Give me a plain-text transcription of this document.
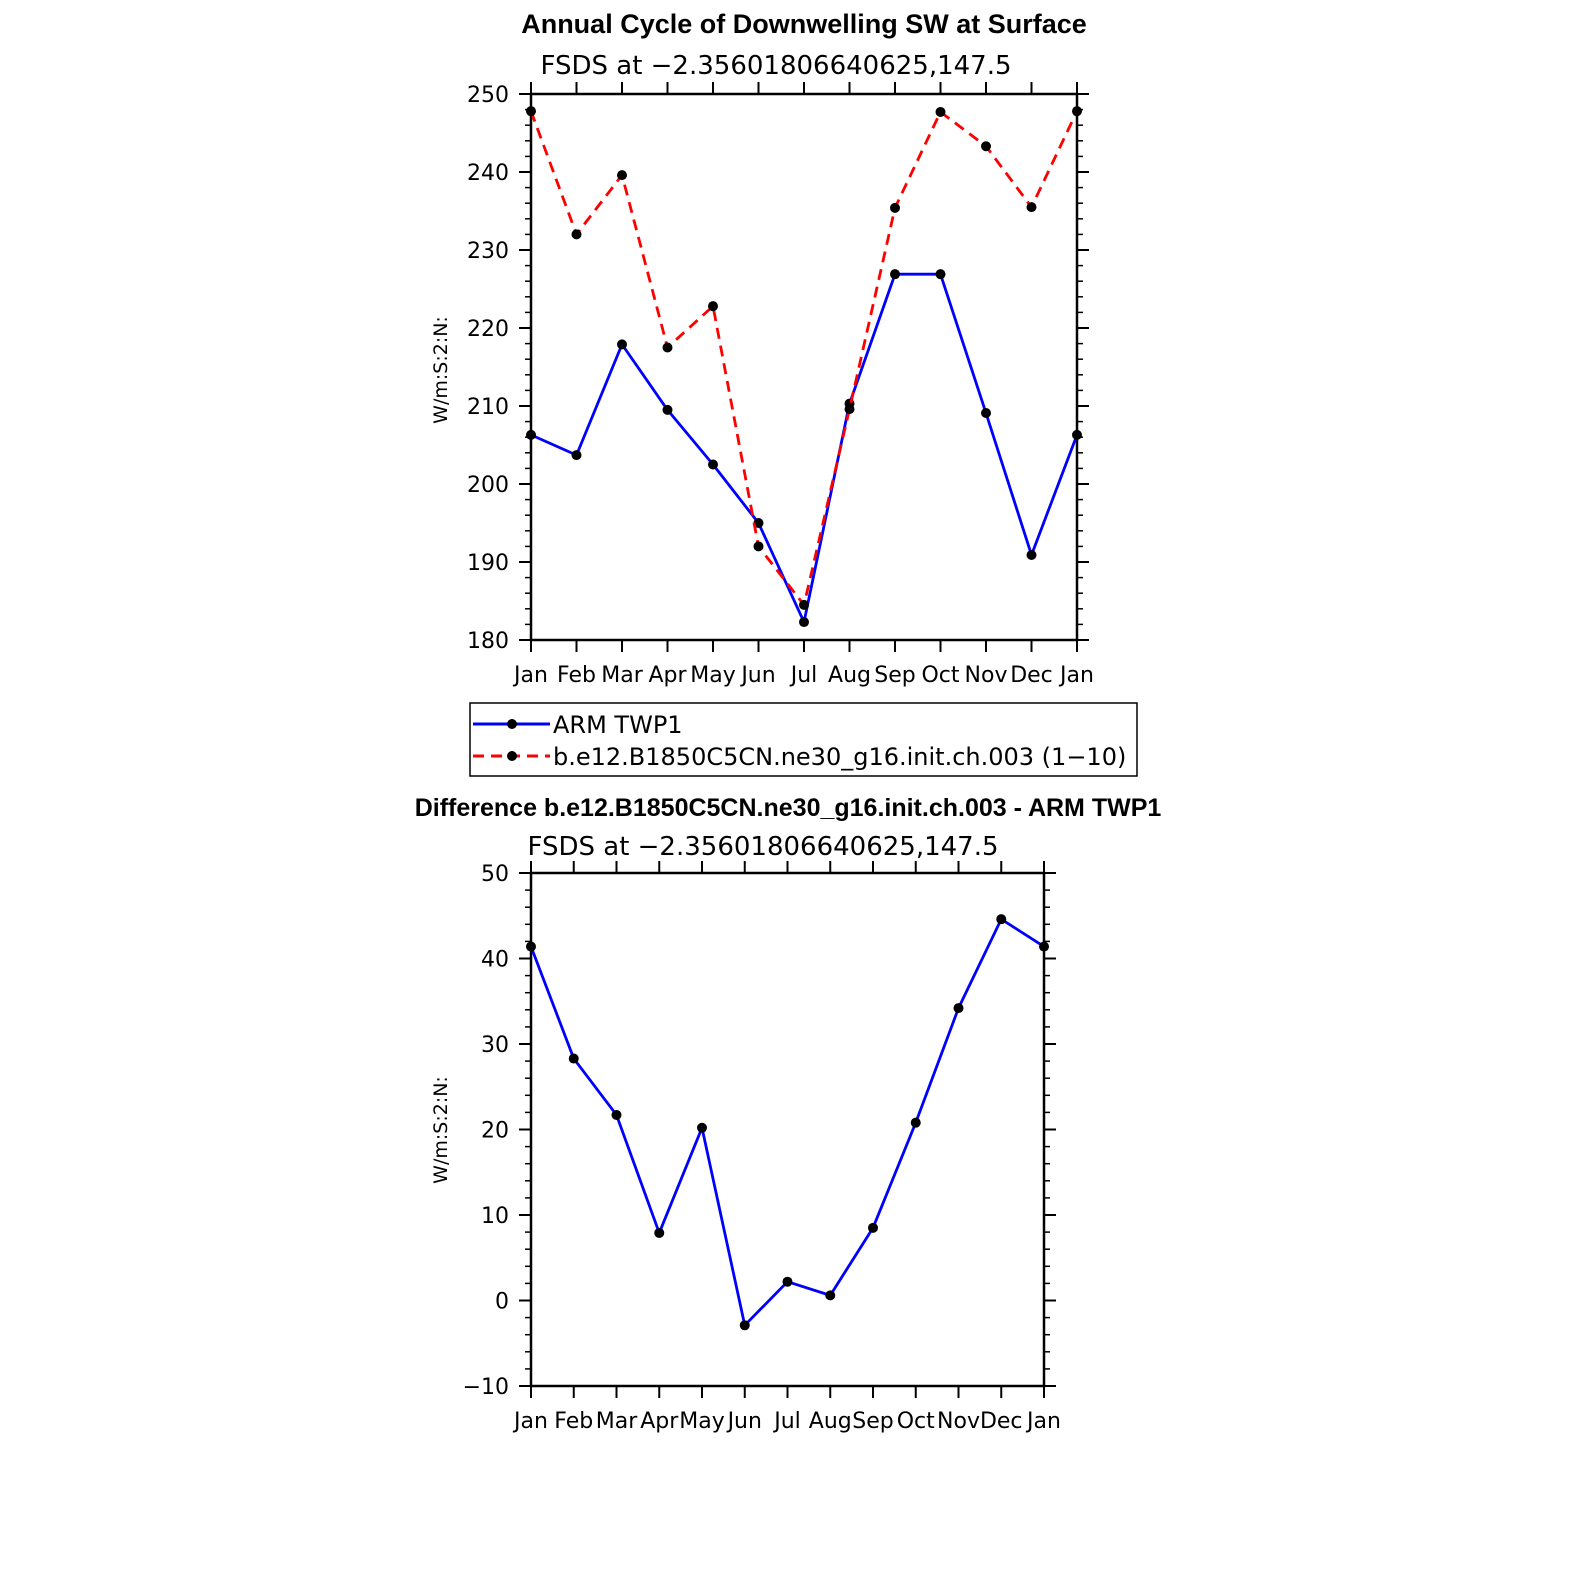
Annual Cycle of Downwelling SW at Surface
FSDS at −2.35601806640625,147.5
W/m:S:2:N:
Jan Feb Mar Apr May Jun Jul Aug Sep Oct Nov Dec Jan
180
190
200
210
220
230
240
250
ARM TWP1
b.e12.B1850C5CN.ne30_g16.init.ch.003 (1−10)
Difference b.e12.B1850C5CN.ne30_g16.init.ch.003 - ARM TWP1
FSDS at −2.35601806640625,147.5
W/m:S:2:N:
Jan Feb Mar Apr May Jun Jul Aug Sep Oct Nov Dec Jan
−10
0
10
20
30
40
50
